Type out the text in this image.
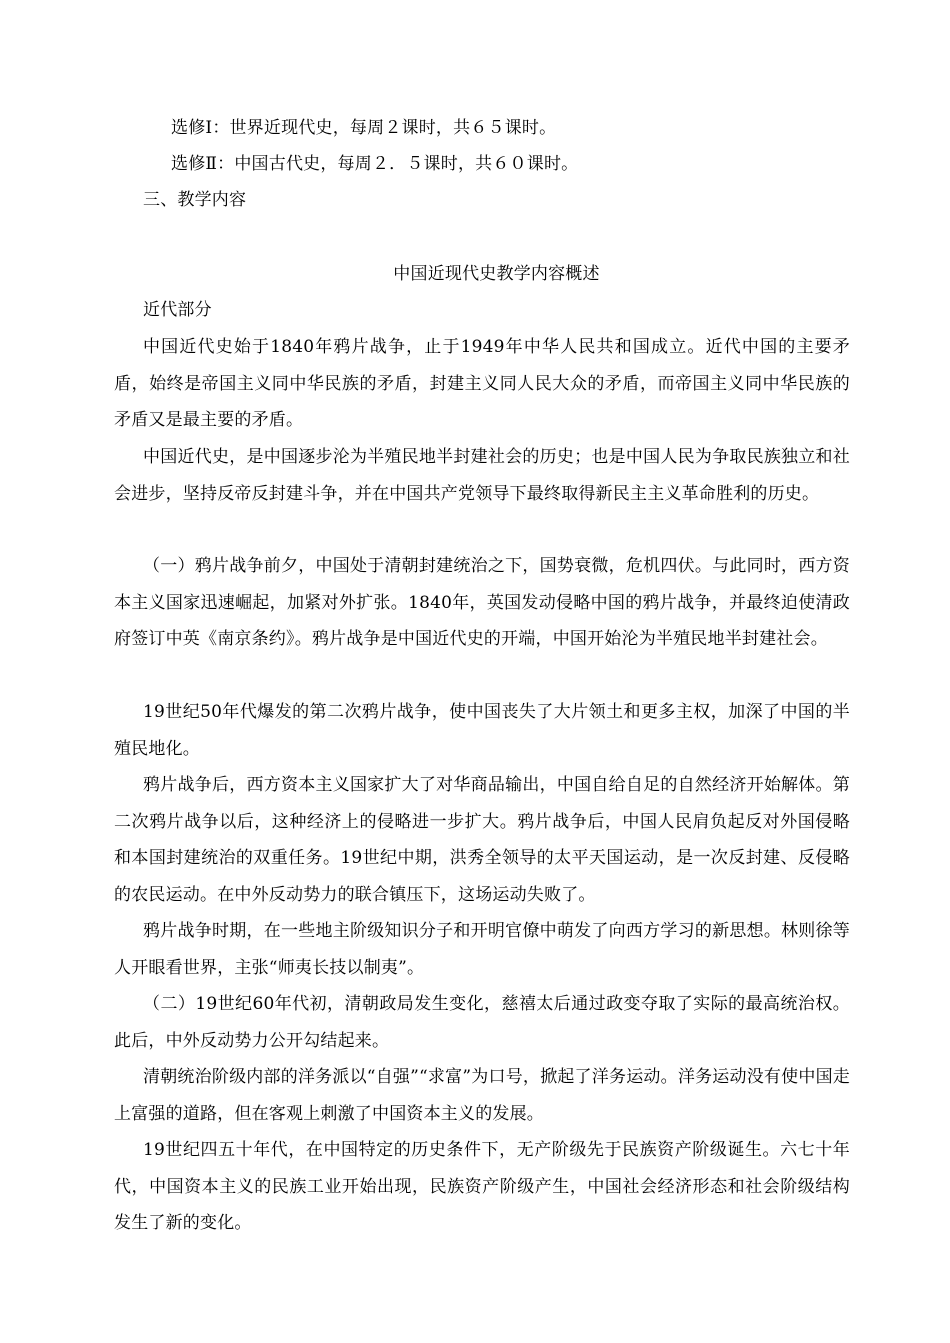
选修Ⅰ：世界近现代史，每周２课时，共６５课时。

选修Ⅱ：中国古代史，每周２．５课时，共６０课时。

三、教学内容

中国近现代史教学内容概述

近代部分

中国近代史始于1840年鸦片战争，止于1949年中华人民共和国成立。近代中国的主要矛盾，始终是帝国主义同中华民族的矛盾，封建主义同人民大众的矛盾，而帝国主义同中华民族的矛盾又是最主要的矛盾。

中国近代史，是中国逐步沦为半殖民地半封建社会的历史；也是中国人民为争取民族独立和社会进步，坚持反帝反封建斗争，并在中国共产党领导下最终取得新民主主义革命胜利的历史。

（一）鸦片战争前夕，中国处于清朝封建统治之下，国势衰微，危机四伏。与此同时，西方资本主义国家迅速崛起，加紧对外扩张。1840年，英国发动侵略中国的鸦片战争，并最终迫使清政府签订中英《南京条约》。鸦片战争是中国近代史的开端，中国开始沦为半殖民地半封建社会。

19世纪50年代爆发的第二次鸦片战争，使中国丧失了大片领土和更多主权，加深了中国的半殖民地化。

鸦片战争后，西方资本主义国家扩大了对华商品输出，中国自给自足的自然经济开始解体。第二次鸦片战争以后，这种经济上的侵略进一步扩大。鸦片战争后，中国人民肩负起反对外国侵略和本国封建统治的双重任务。19世纪中期，洪秀全领导的太平天国运动，是一次反封建、反侵略的农民运动。在中外反动势力的联合镇压下，这场运动失败了。

鸦片战争时期，在一些地主阶级知识分子和开明官僚中萌发了向西方学习的新思想。林则徐等人开眼看世界，主张“师夷长技以制夷”。

（二）19世纪60年代初，清朝政局发生变化，慈禧太后通过政变夺取了实际的最高统治权。此后，中外反动势力公开勾结起来。

清朝统治阶级内部的洋务派以“自强”“求富”为口号，掀起了洋务运动。洋务运动没有使中国走上富强的道路，但在客观上刺激了中国资本主义的发展。

19世纪四五十年代，在中国特定的历史条件下，无产阶级先于民族资产阶级诞生。六七十年代，中国资本主义的民族工业开始出现，民族资产阶级产生，中国社会经济形态和社会阶级结构发生了新的变化。
